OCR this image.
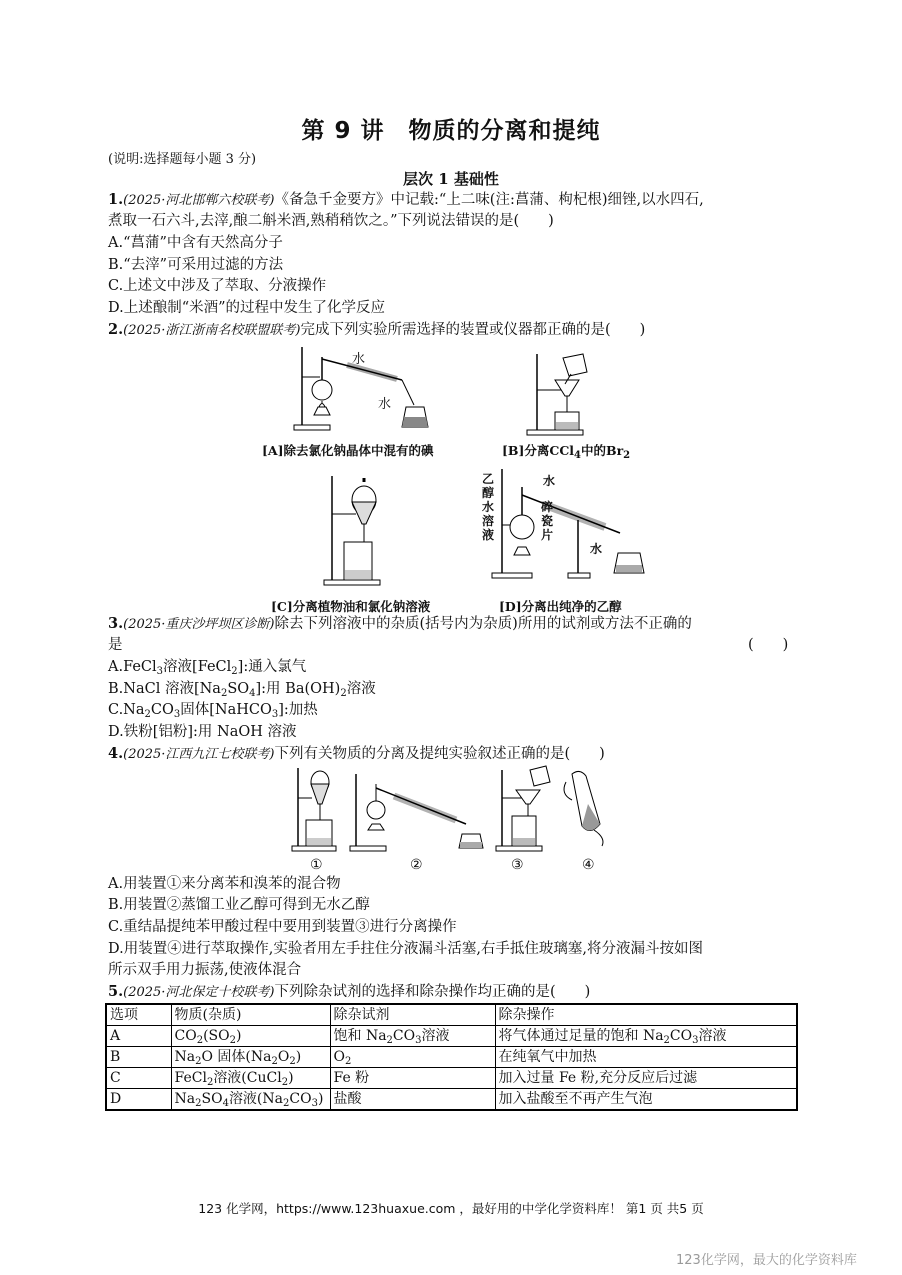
第 9 讲　物质的分离和提纯
(说明:选择题每小题 3 分)
层次 1 基础性
1.(2025·河北邯郸六校联考)《备急千金要方》中记载:“上二味(注:菖蒲、枸杞根)细锉,以水四石,
煮取一石六斗,去滓,酿二斛米酒,熟稍稍饮之。”下列说法错误的是(　　)
A.“菖蒲”中含有天然高分子
B.“去滓”可采用过滤的方法
C.上述文中涉及了萃取、分液操作
D.上述酿制“米酒”的过程中发生了化学反应
2.(2025·浙江浙南名校联盟联考)完成下列实验所需选择的装置或仪器都正确的是(　　)
水
水
[A]除去氯化钠晶体中混有的碘	[B]分离CCl$_4$中的$Br_2$
乙
醇
水
溶
液
碎
瓷
片
水
水
[C]分离植物油和氯化钠溶液	[D]分离出纯净的乙醇
3.(2025·重庆沙坪坝区诊断)除去下列溶液中的杂质(括号内为杂质)所用的试剂或方法不正确的
是	(　　)
A.FeCl$_3$溶液[FeCl$_2$]:通入氯气
B.NaCl 溶液$[Na_2SO_4]$:用 $Ba(OH)_2$溶液
$C.Na_2CO_3$固体[NaHCO$_3$]:加热
D.铁粉[铝粉]:用 NaOH 溶液
4.(2025·江西九江七校联考)下列有关物质的分离及提纯实验叙述正确的是(　　)
①	②	③	④
A.用装置①来分离苯和溴苯的混合物
B.用装置②蒸馏工业乙醇可得到无水乙醇
C.重结晶提纯苯甲酸过程中要用到装置③进行分离操作
D.用装置④进行萃取操作,实验者用左手拄住分液漏斗活塞,右手抵住玻璃塞,将分液漏斗按如图
所示双手用力振荡,使液体混合
5.(2025·河北保定十校联考)下列除杂试剂的选择和除杂操作均正确的是(　　)
选项	物质(杂质)	除杂试剂	除杂操作
A	$CO_2(SO_2)$	饱和 $Na_2CO_3$溶液	将气体通过足量的饱和 $Na_2CO_3$溶液
B	$Na_2O$ 固体$(Na_2O_2)$	$O_2$	在纯氧气中加热
C	FeCl$_2$溶液(CuCl$_2$)	Fe 粉	加入过量 Fe 粉,充分反应后过滤
D	$Na_2SO_4$溶液$(Na_2CO_3)$	盐酸	加入盐酸至不再产生气泡
123 化学网，https://www.123huaxue.com ，最好用的中学化学资料库！ 第1 页 共5 页
123化学网，最大的化学资料库
